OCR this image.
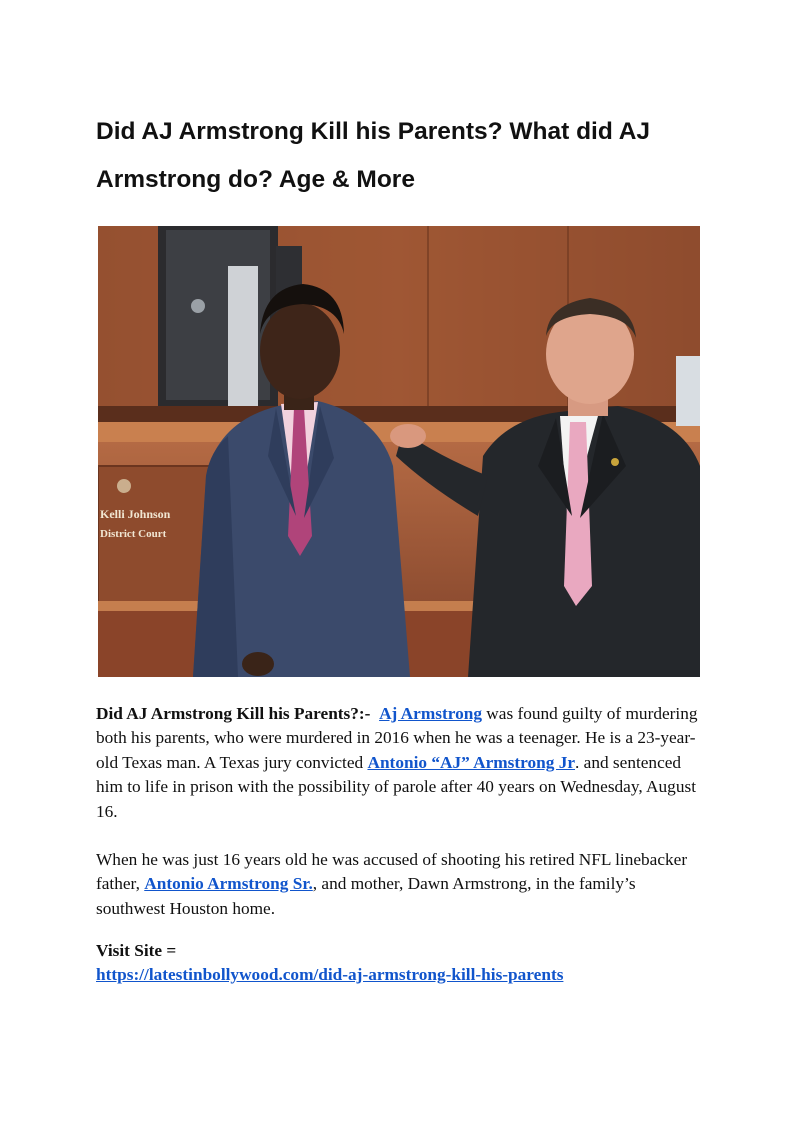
Did AJ Armstrong Kill his Parents? What did AJ Armstrong do? Age & More
Kelli Johnson
District Court

Did AJ Armstrong Kill his Parents?:- Aj Armstrong was found guilty of murdering both his parents, who were murdered in 2016 when he was a teenager. He is a 23-year-old Texas man. A Texas jury convicted Antonio “AJ” Armstrong Jr. and sentenced him to life in prison with the possibility of parole after 40 years on Wednesday, August 16.

When he was just 16 years old he was accused of shooting his retired NFL linebacker father, Antonio Armstrong Sr., and mother, Dawn Armstrong, in the family’s southwest Houston home.

Visit Site =
https://latestinbollywood.com/did-aj-armstrong-kill-his-parents
